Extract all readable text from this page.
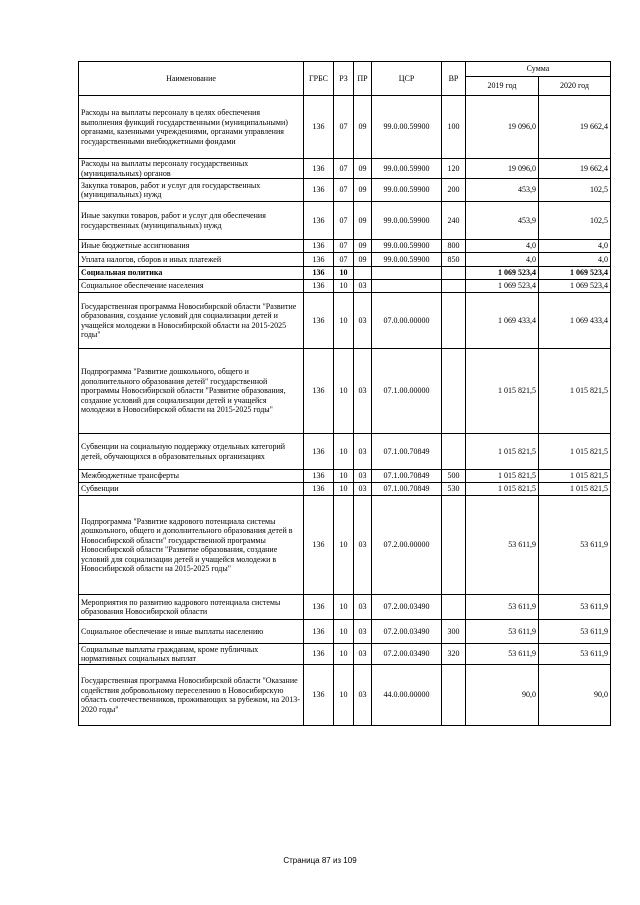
Наименование	ГРБС	РЗ	ПР	ЦСР	ВР	Сумма	
						2019 год	2020 год
Расходы на выплаты персоналу в целях обеспечения выполнения функций государственными (муниципальными) органами, казенными учреждениями, органами управления государственными внебюджетными фондами	136	07	09	99.0.00.59900	100	19 096,0	19 662,4
Расходы на выплаты персоналу государственных (муниципальных) органов	136	07	09	99.0.00.59900	120	19 096,0	19 662,4
Закупка товаров, работ и услуг для государственных (муниципальных) нужд	136	07	09	99.0.00.59900	200	453,9	102,5
Иные закупки товаров, работ и услуг для обеспечения государственных (муниципальных) нужд	136	07	09	99.0.00.59900	240	453,9	102,5
Иные бюджетные ассигнования	136	07	09	99.0.00.59900	800	4,0	4,0
Уплата налогов, сборов и иных платежей	136	07	09	99.0.00.59900	850	4,0	4,0
Социальная политика	136	10				1 069 523,4	1 069 523,4
Социальное обеспечение населения	136	10	03			1 069 523,4	1 069 523,4
Государственная программа Новосибирской области "Развитие образования, создание условий для социализации детей и учащейся молодежи в Новосибирской области на 2015-2025 годы"	136	10	03	07.0.00.00000		1 069 433,4	1 069 433,4
Подпрограмма "Развитие дошкольного, общего и дополнительного образования детей" государственной программы Новосибирской области "Развитие образования, создание условий для социализации детей и учащейся молодежи в Новосибирской области на 2015-2025 годы"	136	10	03	07.1.00.00000		1 015 821,5	1 015 821,5
Субвенции на социальную поддержку отдельных категорий детей, обучающихся в образовательных организациях	136	10	03	07.1.00.70849		1 015 821,5	1 015 821,5
Межбюджетные трансферты	136	10	03	07.1.00.70849	500	1 015 821,5	1 015 821,5
Субвенции	136	10	03	07.1.00.70849	530	1 015 821,5	1 015 821,5
Подпрограмма "Развитие кадрового потенциала системы дошкольного, общего и дополнительного образования детей в Новосибирской области" государственной программы Новосибирской области "Развитие образования, создание условий для социализации детей и учащейся молодежи в Новосибирской области на 2015-2025 годы"	136	10	03	07.2.00.00000		53 611,9	53 611,9
Мероприятия по развитию кадрового потенциала системы образования Новосибирской области	136	10	03	07.2.00.03490		53 611,9	53 611,9
Социальное обеспечение и иные выплаты населению	136	10	03	07.2.00.03490	300	53 611,9	53 611,9
Социальные выплаты гражданам, кроме публичных нормативных социальных выплат	136	10	03	07.2.00.03490	320	53 611,9	53 611,9
Государственная программа Новосибирской области "Оказание содействия добровольному переселению в Новосибирскую область соотечественников, проживающих за рубежом, на 2013-2020 годы"	136	10	03	44.0.00.00000		90,0	90,0
Страница 87 из 109
